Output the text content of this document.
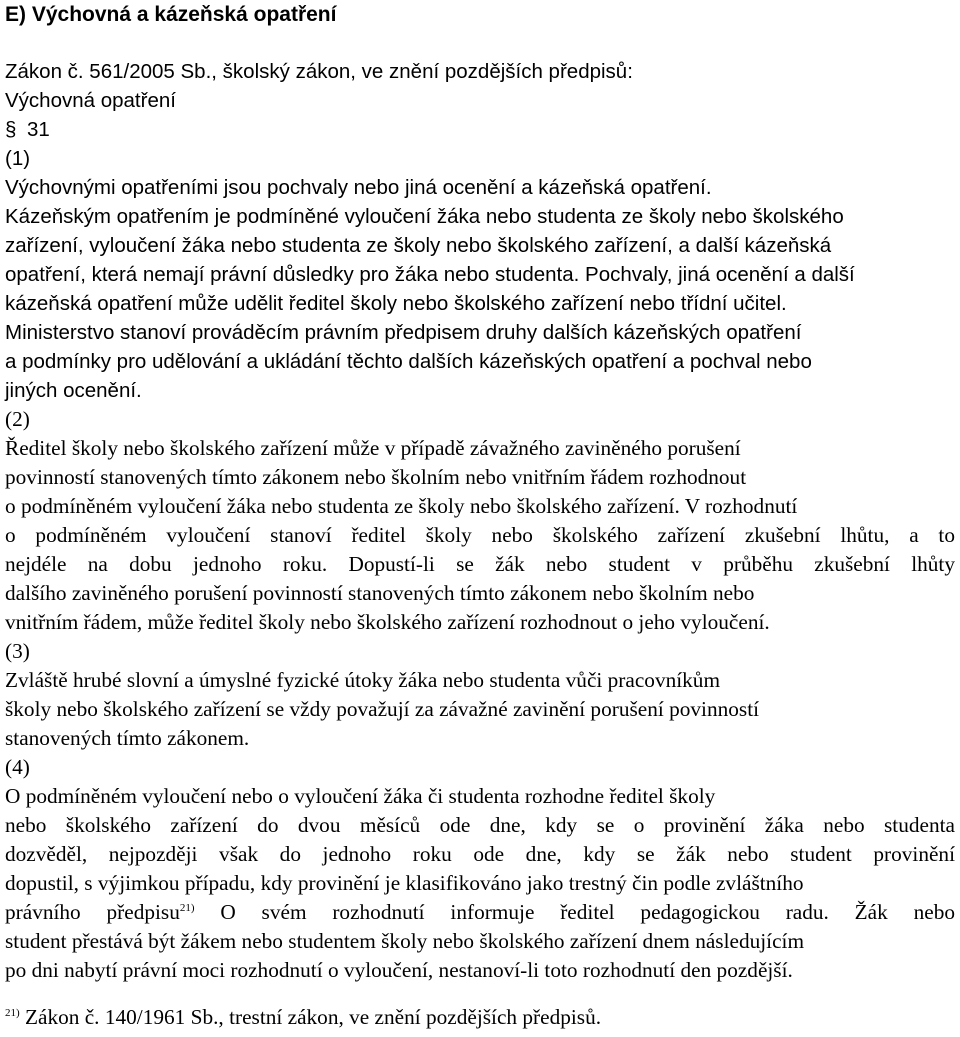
E) Výchovná a kázeňská opatření
Zákon č. 561/2005 Sb., školský zákon, ve znění pozdějších předpisů:
Výchovná opatření
§ 31
(1)
Výchovnými opatřeními jsou pochvaly nebo jiná ocenění a kázeňská opatření.
Kázeňským opatřením je podmíněné vyloučení žáka nebo studenta ze školy nebo školského
zařízení, vyloučení žáka nebo studenta ze školy nebo školského zařízení, a další kázeňská
opatření, která nemají právní důsledky pro žáka nebo studenta. Pochvaly, jiná ocenění a další
kázeňská opatření může udělit ředitel školy nebo školského zařízení nebo třídní učitel.
Ministerstvo stanoví prováděcím právním předpisem druhy dalších kázeňských opatření
a podmínky pro udělování a ukládání těchto dalších kázeňských opatření a pochval nebo
jiných ocenění.
(2)
Ředitel školy nebo školského zařízení může v případě závažného zaviněného porušení
povinností stanovených tímto zákonem nebo školním nebo vnitřním řádem rozhodnout
o podmíněném vyloučení žáka nebo studenta ze školy nebo školského zařízení. V rozhodnutí
o podmíněném vyloučení stanoví ředitel školy nebo školského zařízení zkušební lhůtu, a to
nejdéle na dobu jednoho roku. Dopustí-li se žák nebo student v průběhu zkušební lhůty
dalšího zaviněného porušení povinností stanovených tímto zákonem nebo školním nebo
vnitřním řádem, může ředitel školy nebo školského zařízení rozhodnout o jeho vyloučení.
(3)
Zvláště hrubé slovní a úmyslné fyzické útoky žáka nebo studenta vůči pracovníkům
školy nebo školského zařízení se vždy považují za závažné zavinění porušení povinností
stanovených tímto zákonem.
(4)
O podmíněném vyloučení nebo o vyloučení žáka či studenta rozhodne ředitel školy
nebo školského zařízení do dvou měsíců ode dne, kdy se o provinění žáka nebo studenta
dozvěděl, nejpozději však do jednoho roku ode dne, kdy se žák nebo student provinění
dopustil, s výjimkou případu, kdy provinění je klasifikováno jako trestný čin podle zvláštního
právního předpisu$^{21)}$ O svém rozhodnutí informuje ředitel pedagogickou radu. Žák nebo
student přestává být žákem nebo studentem školy nebo školského zařízení dnem následujícím
po dni nabytí právní moci rozhodnutí o vyloučení, nestanoví-li toto rozhodnutí den pozdější.
$^{21)}$ Zákon č. 140/1961 Sb., trestní zákon, ve znění pozdějších předpisů.
